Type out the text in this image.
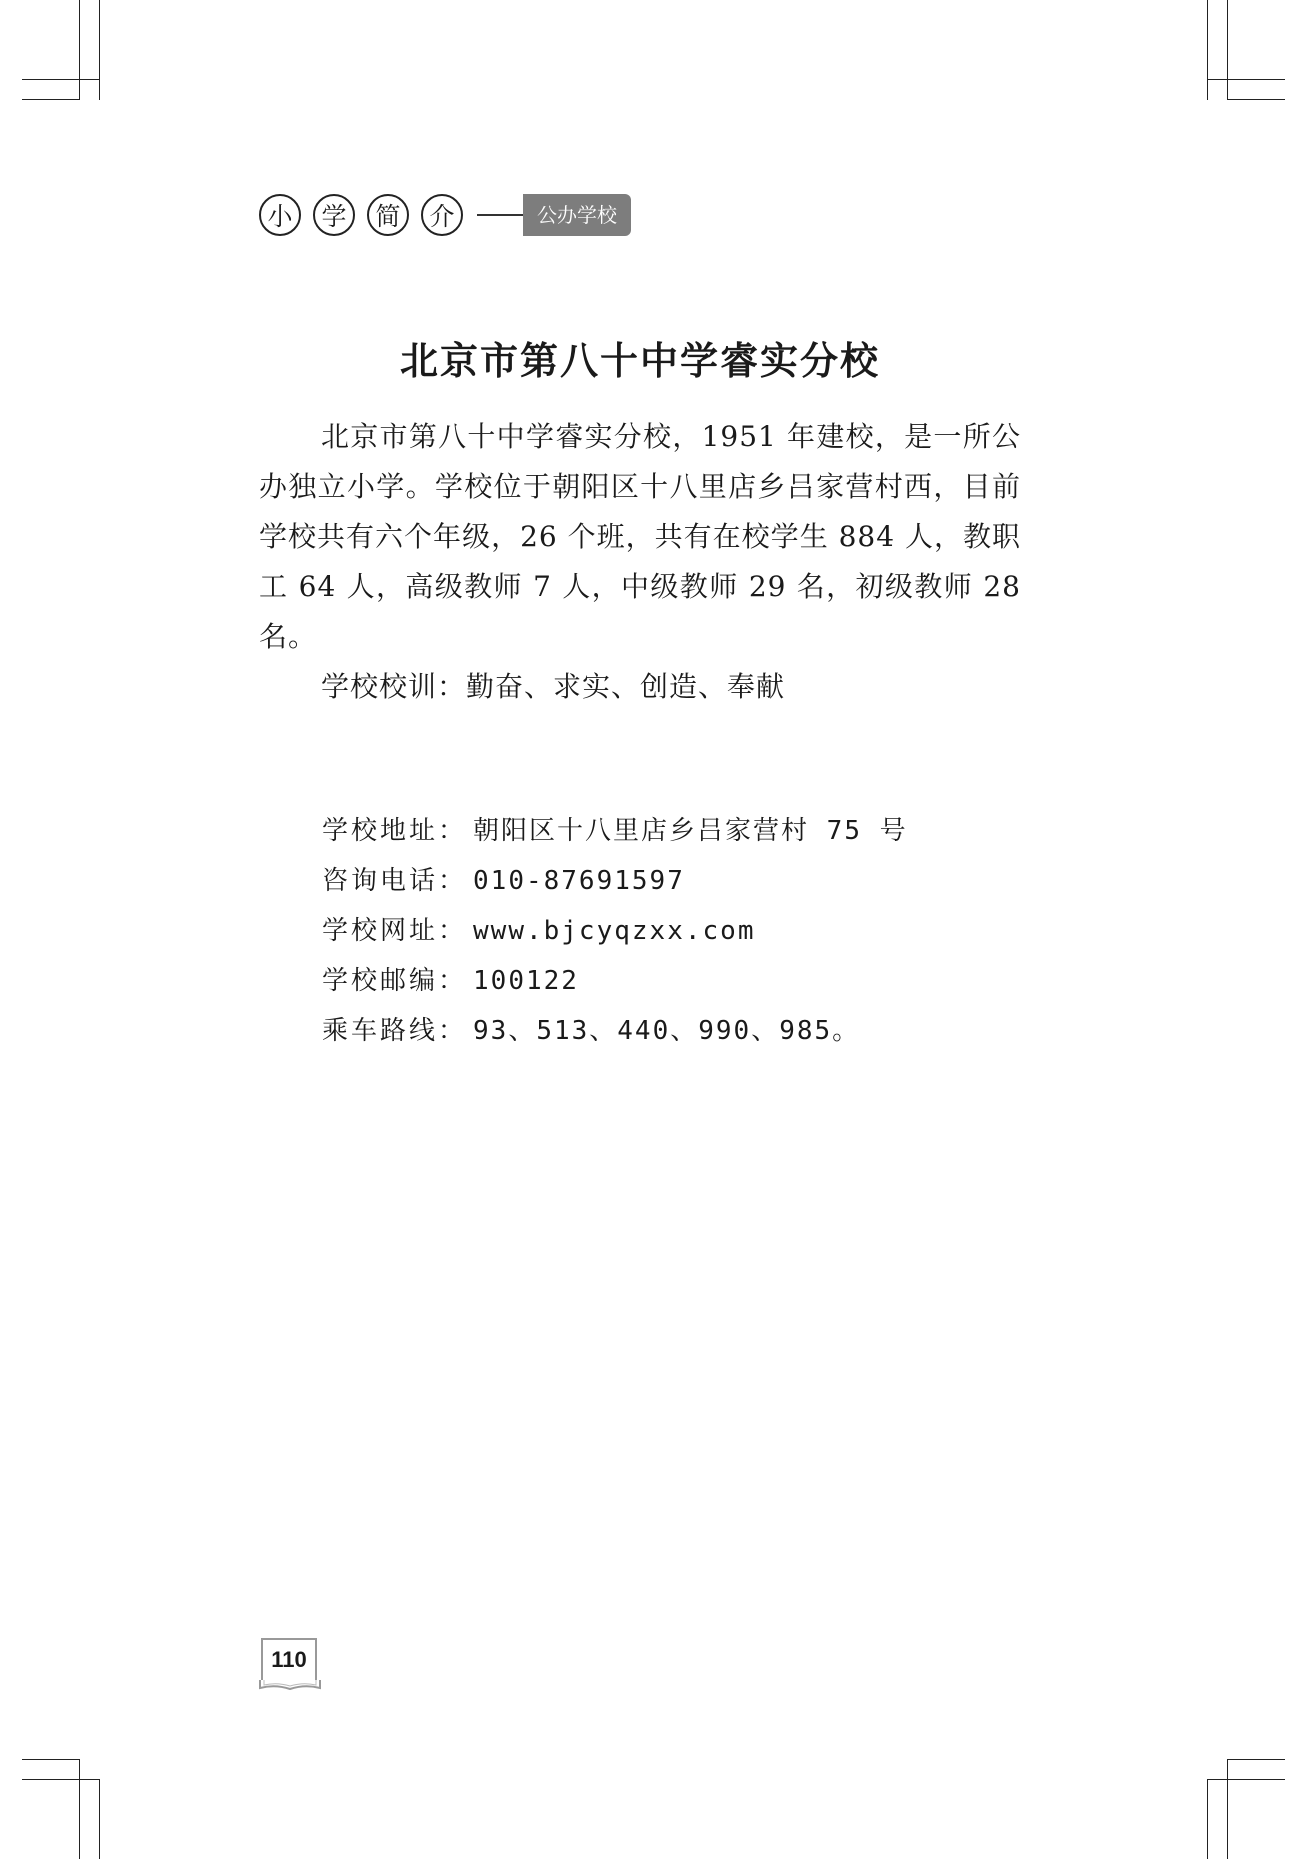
小	学	简	介	公办学校
北京市第八十中学睿实分校

北京市第八十中学睿实分校，1951 年建校，是一所公办独立小学。学校位于朝阳区十八里店乡吕家营村西，目前学校共有六个年级，26 个班，共有在校学生 884 人，教职工 64 人，高级教师 7 人，中级教师 29 名，初级教师 28 名。

学校校训：勤奋、求实、创造、奉献

学校地址： 朝阳区十八里店乡吕家营村 75 号
咨询电话： 010-87691597
学校网址： www.bjcyqzxx.com
学校邮编： 100122
乘车路线： 93、513、440、990、985。
110
